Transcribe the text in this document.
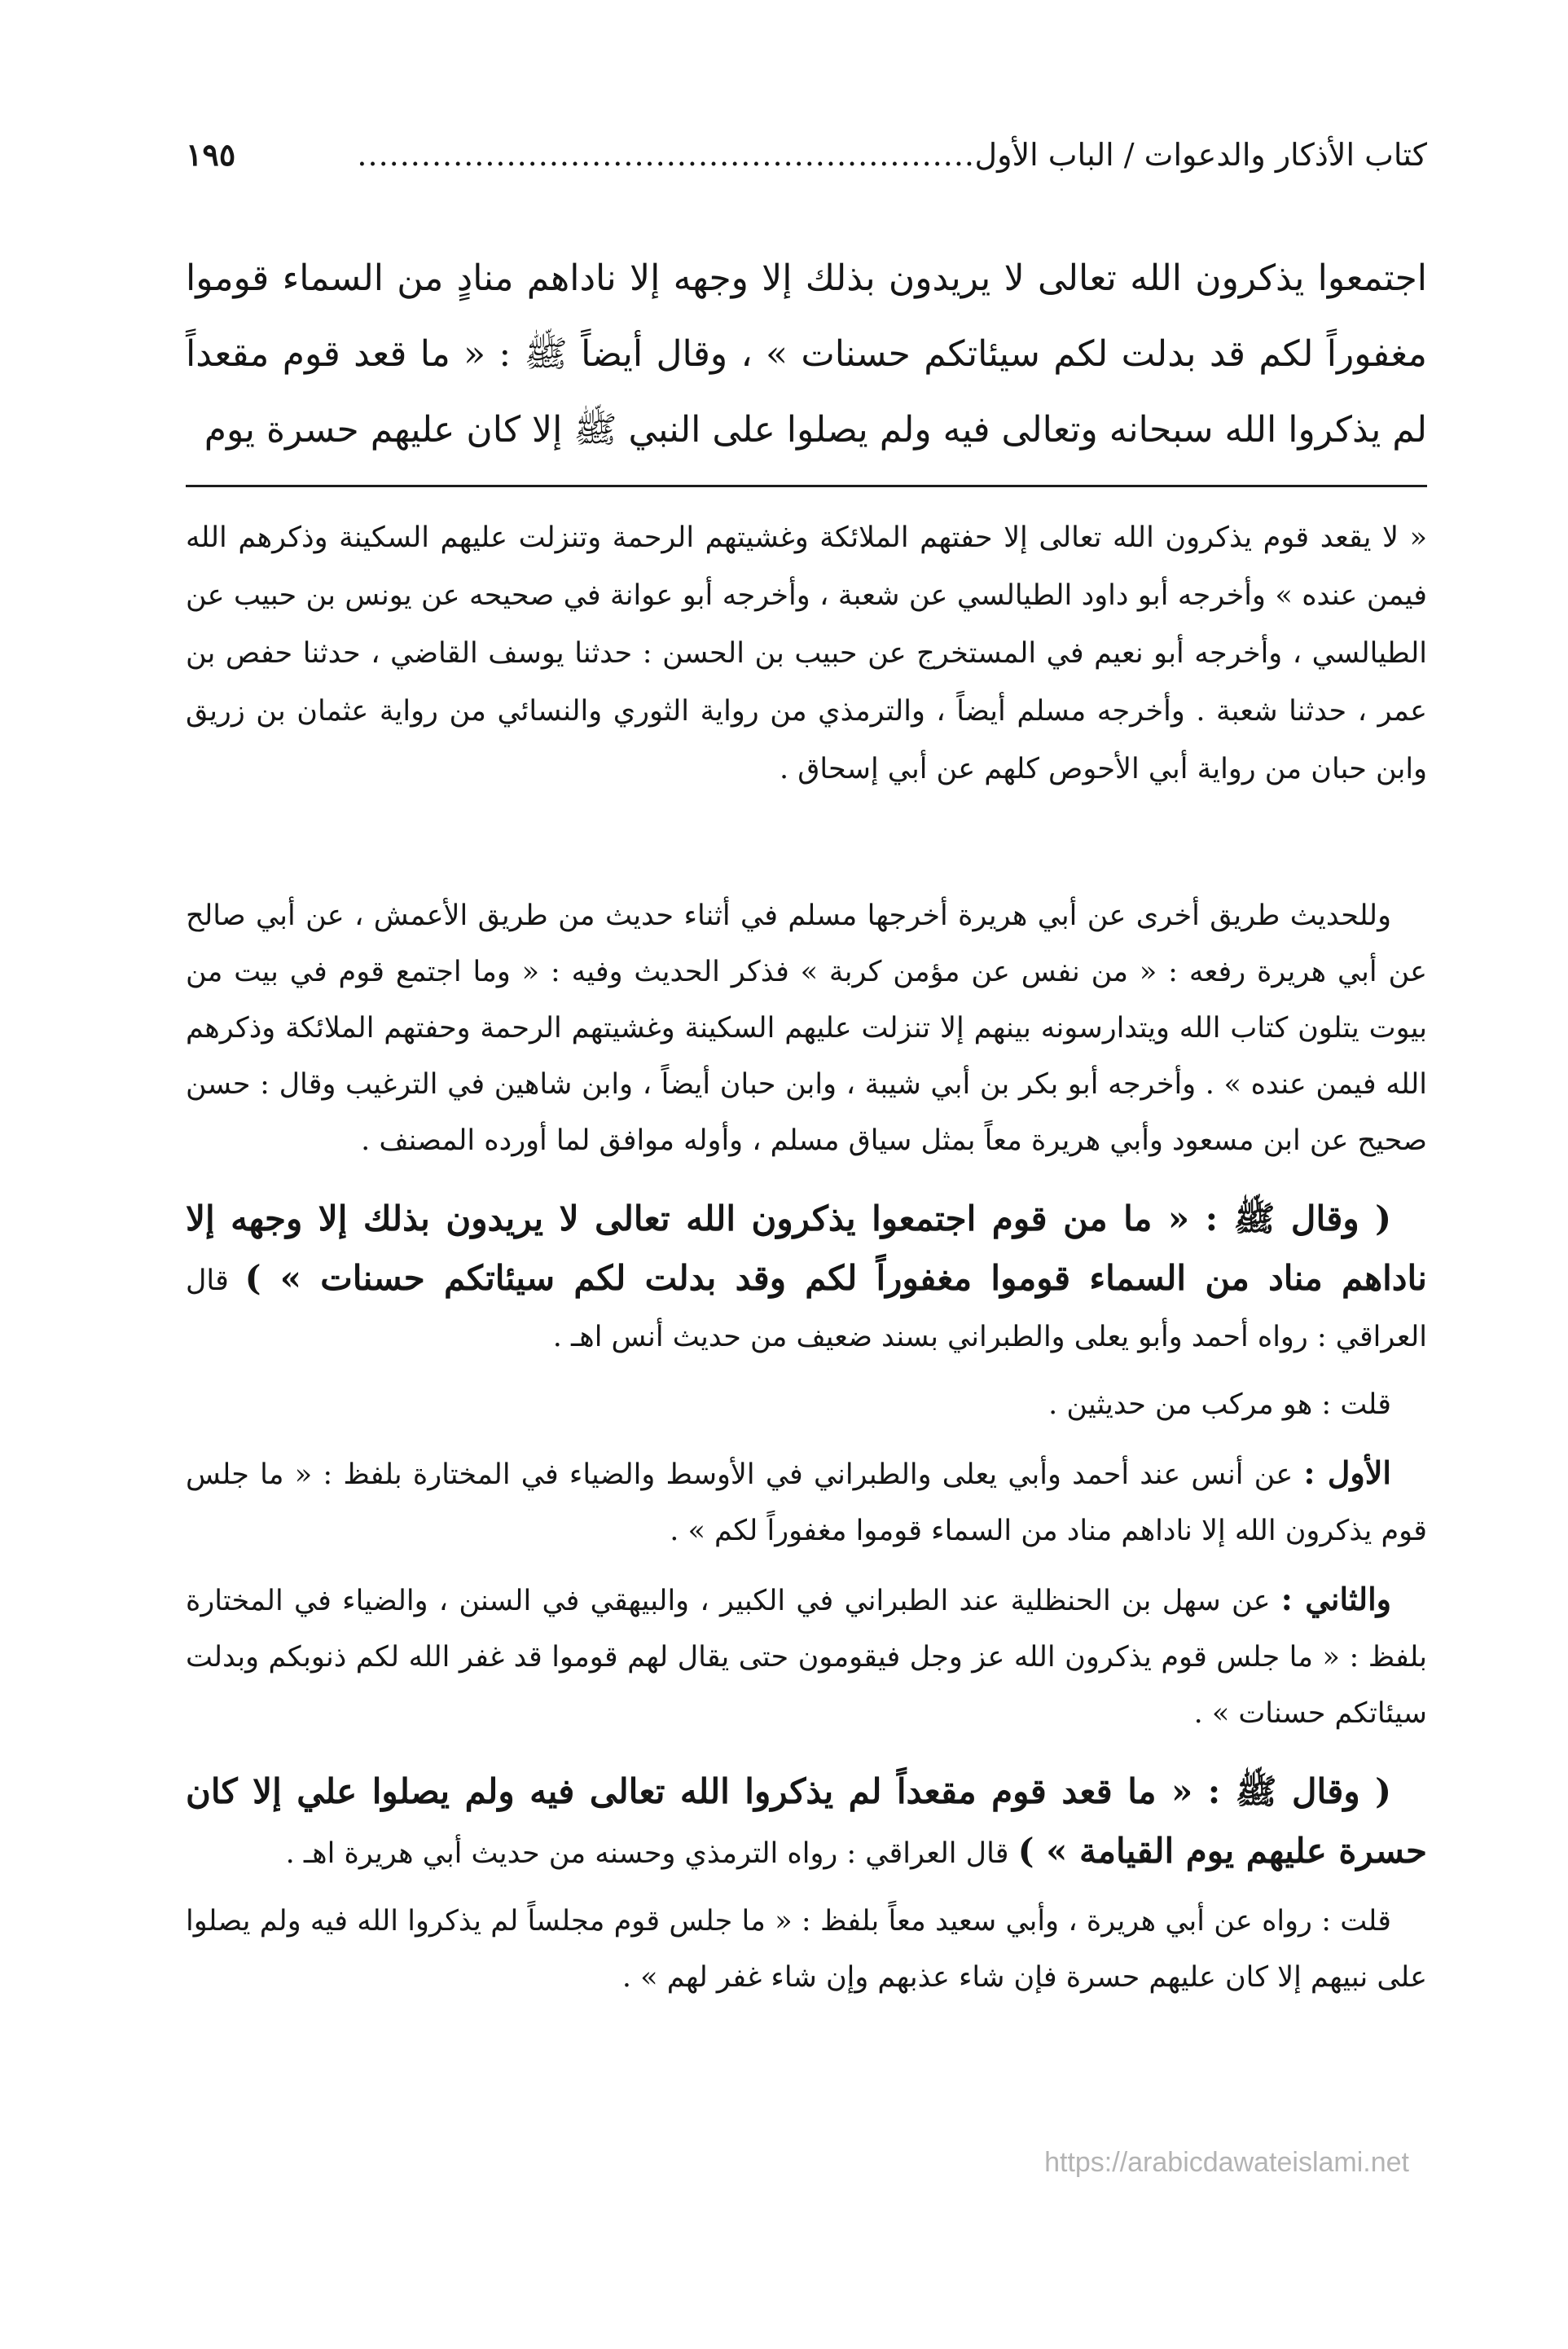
كتاب الأذكار والدعوات / الباب الأول
..........................................................
١٩٥

اجتمعوا يذكرون الله تعالى لا يريدون بذلك إلا وجهه إلا ناداهم منادٍ من السماء قوموا مغفوراً لكم قد بدلت لكم سيئاتكم حسنات » ، وقال أيضاً ﷺ : « ما قعد قوم مقعداً لم يذكروا الله سبحانه وتعالى فيه ولم يصلوا على النبي ﷺ إلا كان عليهم حسرة يوم

« لا يقعد قوم يذكرون الله تعالى إلا حفتهم الملائكة وغشيتهم الرحمة وتنزلت عليهم السكينة وذكرهم الله فيمن عنده » وأخرجه أبو داود الطيالسي عن شعبة ، وأخرجه أبو عوانة في صحيحه عن يونس بن حبيب عن الطيالسي ، وأخرجه أبو نعيم في المستخرج عن حبيب بن الحسن : حدثنا يوسف القاضي ، حدثنا حفص بن عمر ، حدثنا شعبة . وأخرجه مسلم أيضاً ، والترمذي من رواية الثوري والنسائي من رواية عثمان بن زريق وابن حبان من رواية أبي الأحوص كلهم عن أبي إسحاق .

وللحديث طريق أخرى عن أبي هريرة أخرجها مسلم في أثناء حديث من طريق الأعمش ، عن أبي صالح عن أبي هريرة رفعه : « من نفس عن مؤمن كربة » فذكر الحديث وفيه : « وما اجتمع قوم في بيت من بيوت يتلون كتاب الله ويتدارسونه بينهم إلا تنزلت عليهم السكينة وغشيتهم الرحمة وحفتهم الملائكة وذكرهم الله فيمن عنده » . وأخرجه أبو بكر بن أبي شيبة ، وابن حبان أيضاً ، وابن شاهين في الترغيب وقال : حسن صحيح عن ابن مسعود وأبي هريرة معاً بمثل سياق مسلم ، وأوله موافق لما أورده المصنف .

( وقال ﷺ : « ما من قوم اجتمعوا يذكرون الله تعالى لا يريدون بذلك إلا وجهه إلا ناداهم مناد من السماء قوموا مغفوراً لكم وقد بدلت لكم سيئاتكم حسنات » ) قال العراقي : رواه أحمد وأبو يعلى والطبراني بسند ضعيف من حديث أنس اهـ .

قلت : هو مركب من حديثين .

الأول : عن أنس عند أحمد وأبي يعلى والطبراني في الأوسط والضياء في المختارة بلفظ : « ما جلس قوم يذكرون الله إلا ناداهم مناد من السماء قوموا مغفوراً لكم » .

والثاني : عن سهل بن الحنظلية عند الطبراني في الكبير ، والبيهقي في السنن ، والضياء في المختارة بلفظ : « ما جلس قوم يذكرون الله عز وجل فيقومون حتى يقال لهم قوموا قد غفر الله لكم ذنوبكم وبدلت سيئاتكم حسنات » .

( وقال ﷺ : « ما قعد قوم مقعداً لم يذكروا الله تعالى فيه ولم يصلوا علي إلا كان حسرة عليهم يوم القيامة » ) قال العراقي : رواه الترمذي وحسنه من حديث أبي هريرة اهـ .

قلت : رواه عن أبي هريرة ، وأبي سعيد معاً بلفظ : « ما جلس قوم مجلساً لم يذكروا الله فيه ولم يصلوا على نبيهم إلا كان عليهم حسرة فإن شاء عذبهم وإن شاء غفر لهم » .

https://arabicdawateislami.net
